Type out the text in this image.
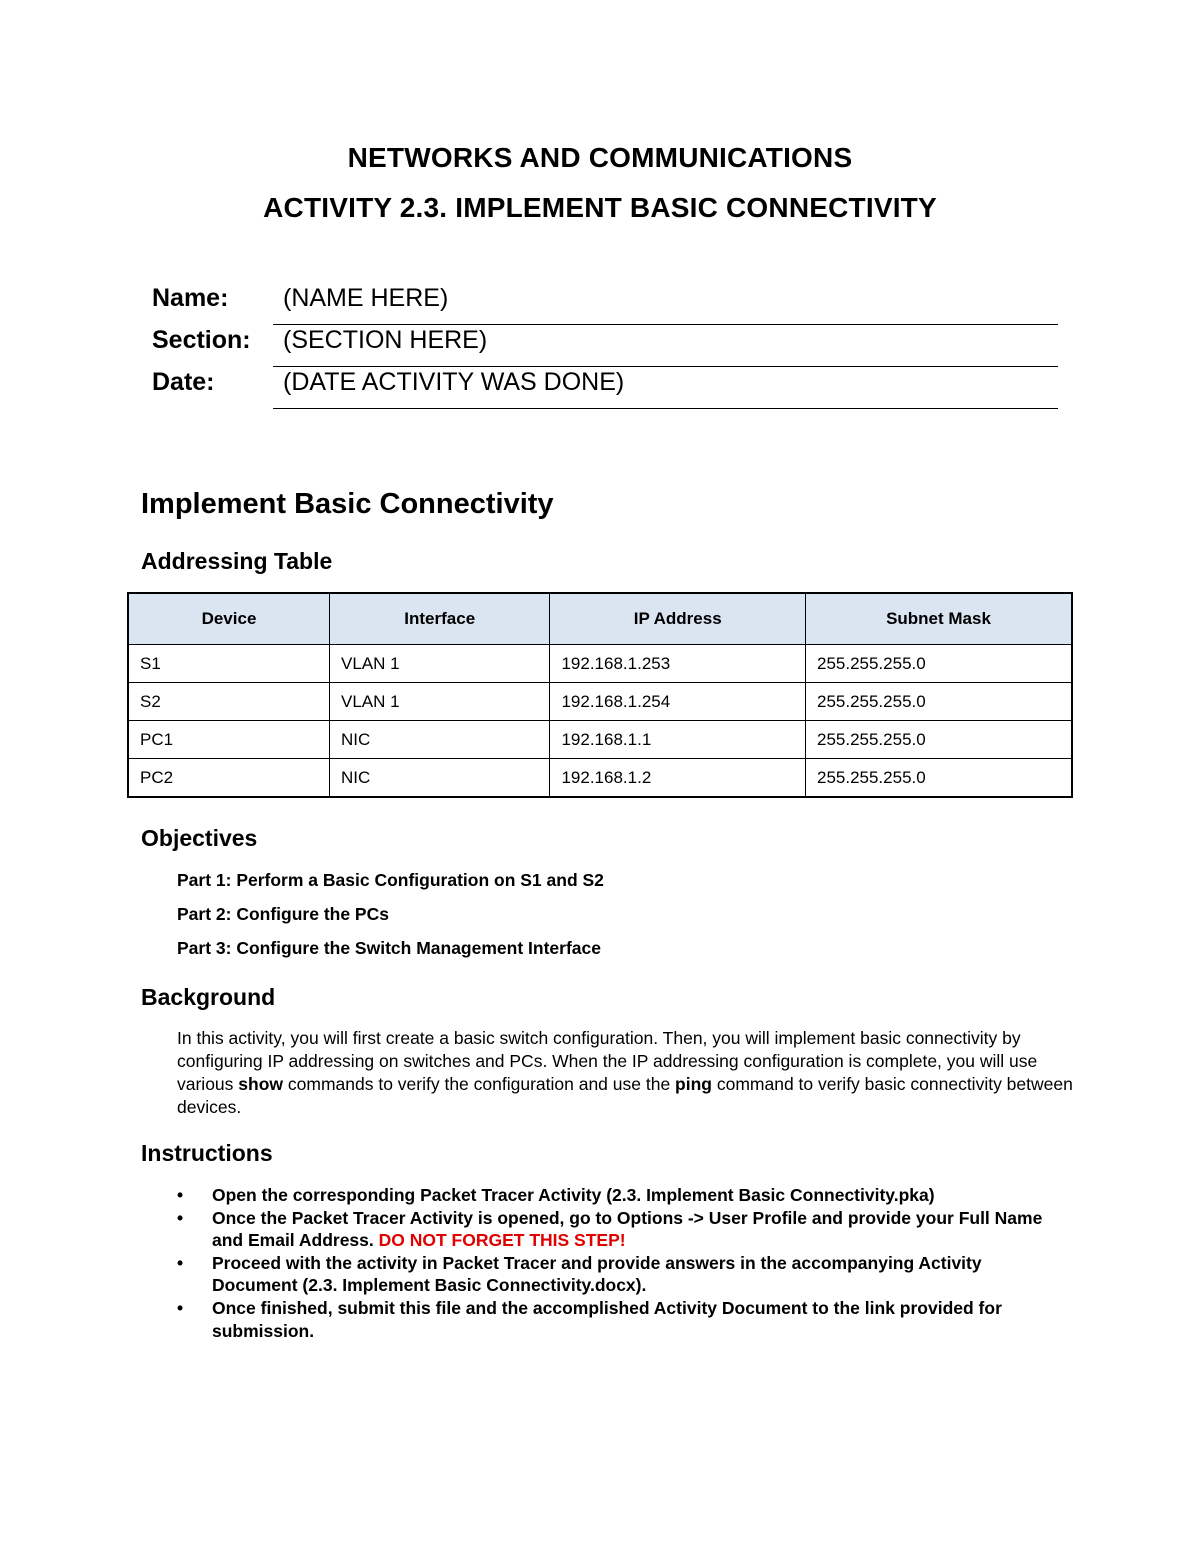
NETWORKS AND COMMUNICATIONS
ACTIVITY 2.3. IMPLEMENT BASIC CONNECTIVITY
Name:	(NAME HERE)
Section:	(SECTION HERE)
Date:	(DATE ACTIVITY WAS DONE)
Implement Basic Connectivity
Addressing Table
Device	Interface	IP Address	Subnet Mask
S1	VLAN 1	192.168.1.253	255.255.255.0
S2	VLAN 1	192.168.1.254	255.255.255.0
PC1	NIC	192.168.1.1	255.255.255.0
PC2	NIC	192.168.1.2	255.255.255.0
Objectives

Part 1: Perform a Basic Configuration on S1 and S2

Part 2: Configure the PCs

Part 3: Configure the Switch Management Interface

Background

In this activity, you will first create a basic switch configuration. Then, you will implement basic connectivity by configuring IP addressing on switches and PCs. When the IP addressing configuration is complete, you will use various show commands to verify the configuration and use the ping command to verify basic connectivity between devices.

Instructions
• Open the corresponding Packet Tracer Activity (2.3. Implement Basic Connectivity.pka)
• Once the Packet Tracer Activity is opened, go to Options -> User Profile and provide your Full Name and Email Address. DO NOT FORGET THIS STEP!
• Proceed with the activity in Packet Tracer and provide answers in the accompanying Activity Document (2.3. Implement Basic Connectivity.docx).
• Once finished, submit this file and the accomplished Activity Document to the link provided for submission.
